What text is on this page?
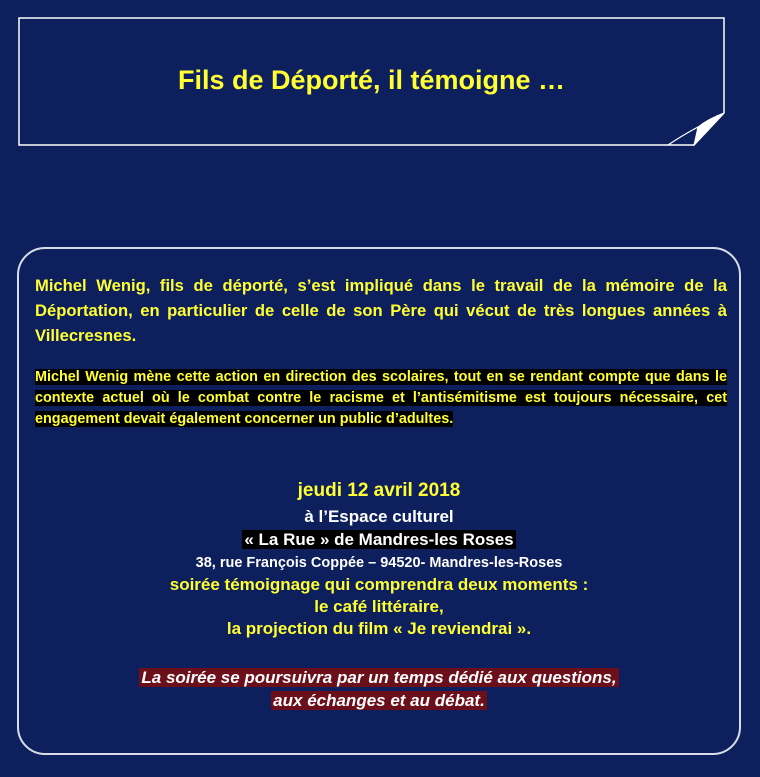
Fils de Déporté, il témoigne …

Michel Wenig, fils de déporté, s’est impliqué dans le travail de la mémoire de la Déportation, en particulier de celle de son Père qui vécut de très longues années à Villecresnes.

Michel Wenig mène cette action en direction des scolaires, tout en se rendant compte que dans le contexte actuel où le combat contre le racisme et l’antisémitisme est toujours nécessaire, cet engagement devait également concerner un public d’adultes.

jeudi 12 avril 2018
à l’Espace culturel
« La Rue » de Mandres-les Roses
38, rue François Coppée – 94520- Mandres-les-Roses
soirée témoignage qui comprendra deux moments :
le café littéraire,
la projection du film « Je reviendrai ».
La soirée se poursuivra par un temps dédié aux questions,
aux échanges et au débat.
